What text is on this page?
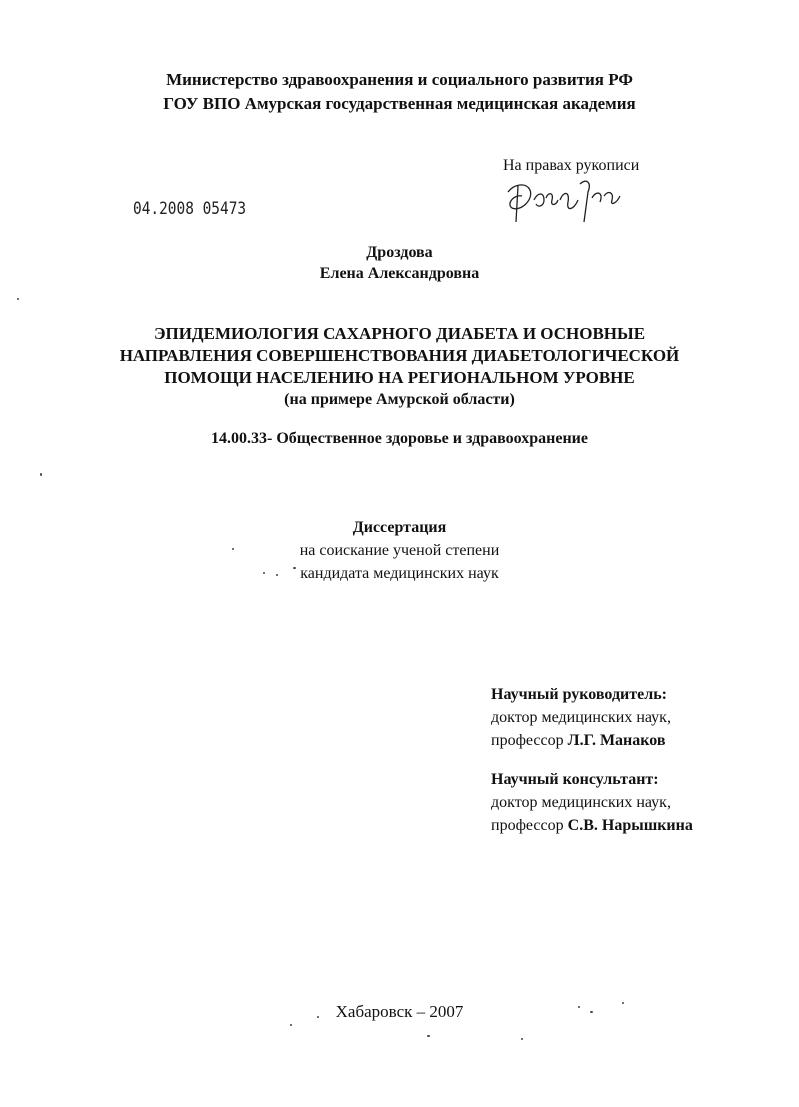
Министерство здравоохранения и социального развития РФ
ГОУ ВПО Амурская государственная медицинская академия
На правах рукописи
04.2008 05473
Дроздова
Елена Александровна
ЭПИДЕМИОЛОГИЯ САХАРНОГО ДИАБЕТА И ОСНОВНЫЕ
НАПРАВЛЕНИЯ СОВЕРШЕНСТВОВАНИЯ ДИАБЕТОЛОГИЧЕСКОЙ
ПОМОЩИ НАСЕЛЕНИЮ НА РЕГИОНАЛЬНОМ УРОВНЕ
(на примере Амурской области)
14.00.33- Общественное здоровье и здравоохранение
Диссертация
на соискание ученой степени
кандидата медицинских наук
Научный руководитель:
доктор медицинских наук,
профессор Л.Г. Манаков
Научный консультант:
доктор медицинских наук,
профессор С.В. Нарышкина
Хабаровск – 2007
